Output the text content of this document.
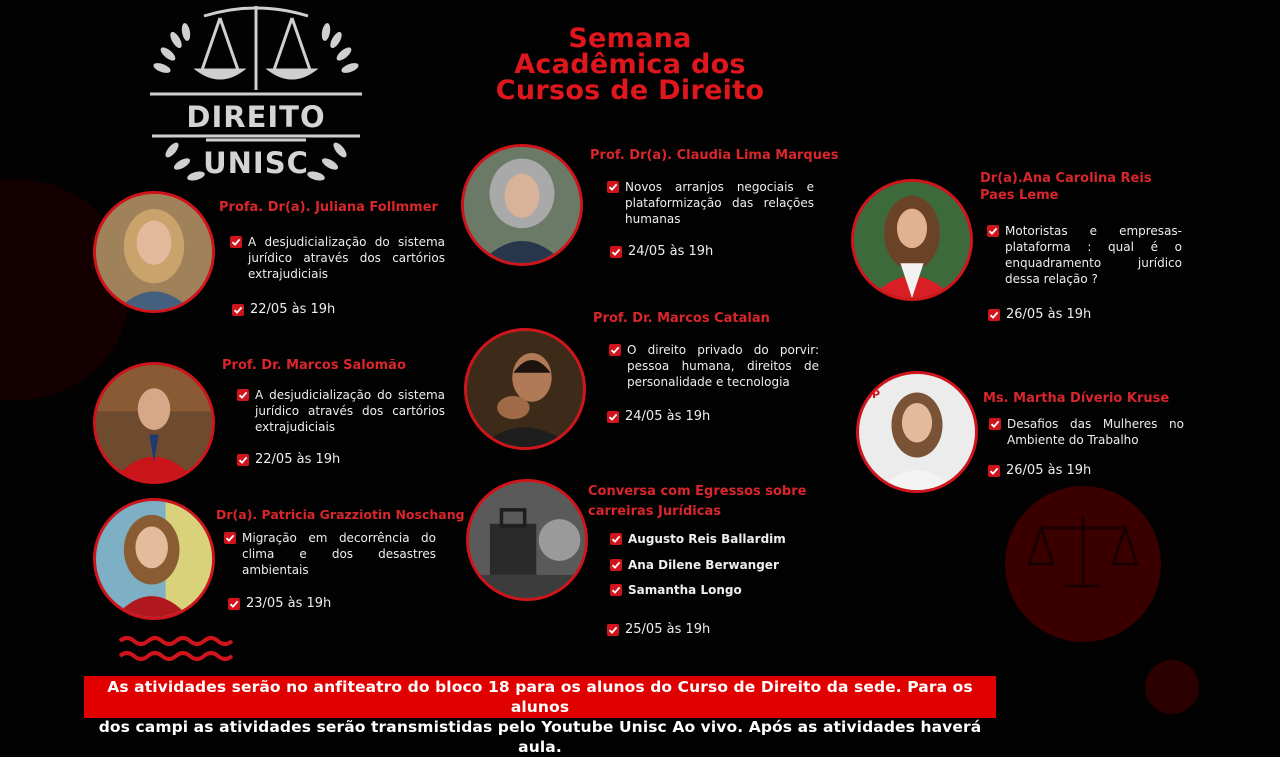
DIREITO
UNISC
Semana
Acadêmica dos
Cursos de Direito
Profa. Dr(a). Juliana Follmmer
A desjudicialização do sistema jurídico através dos cartórios extrajudiciais
22/05 às 19h
Prof. Dr. Marcos Salomão
A desjudicialização do sistema jurídico através dos cartórios extrajudiciais
22/05 às 19h
Dr(a). Patricia Grazziotin Noschang
Migração em decorrência do clima e dos desastres ambientais
23/05 às 19h
Prof. Dr(a). Claudia Lima Marques
Novos arranjos negociais e plataformização das relações humanas
24/05 às 19h
Prof. Dr. Marcos Catalan
O direito privado do porvir: pessoa humana, direitos de personalidade e tecnologia
24/05 às 19h
Conversa com Egressos sobre carreiras Jurídicas
Augusto Reis Ballardim
Ana Dilene Berwanger
Samantha Longo
25/05 às 19h
Dr(a).Ana Carolina Reis Paes Leme
Motoristas e empresas-plataforma : qual é o enquadramento jurídico dessa relação ?
26/05 às 19h
MP	Ms. Martha Díverio Kruse
Desafios das Mulheres no Ambiente do Trabalho
26/05 às 19h
As atividades serão no anfiteatro do bloco 18 para os alunos do Curso de Direito da sede. Para os alunos
dos campi as atividades serão transmistidas pelo Youtube Unisc Ao vivo. Após as atividades haverá aula.
